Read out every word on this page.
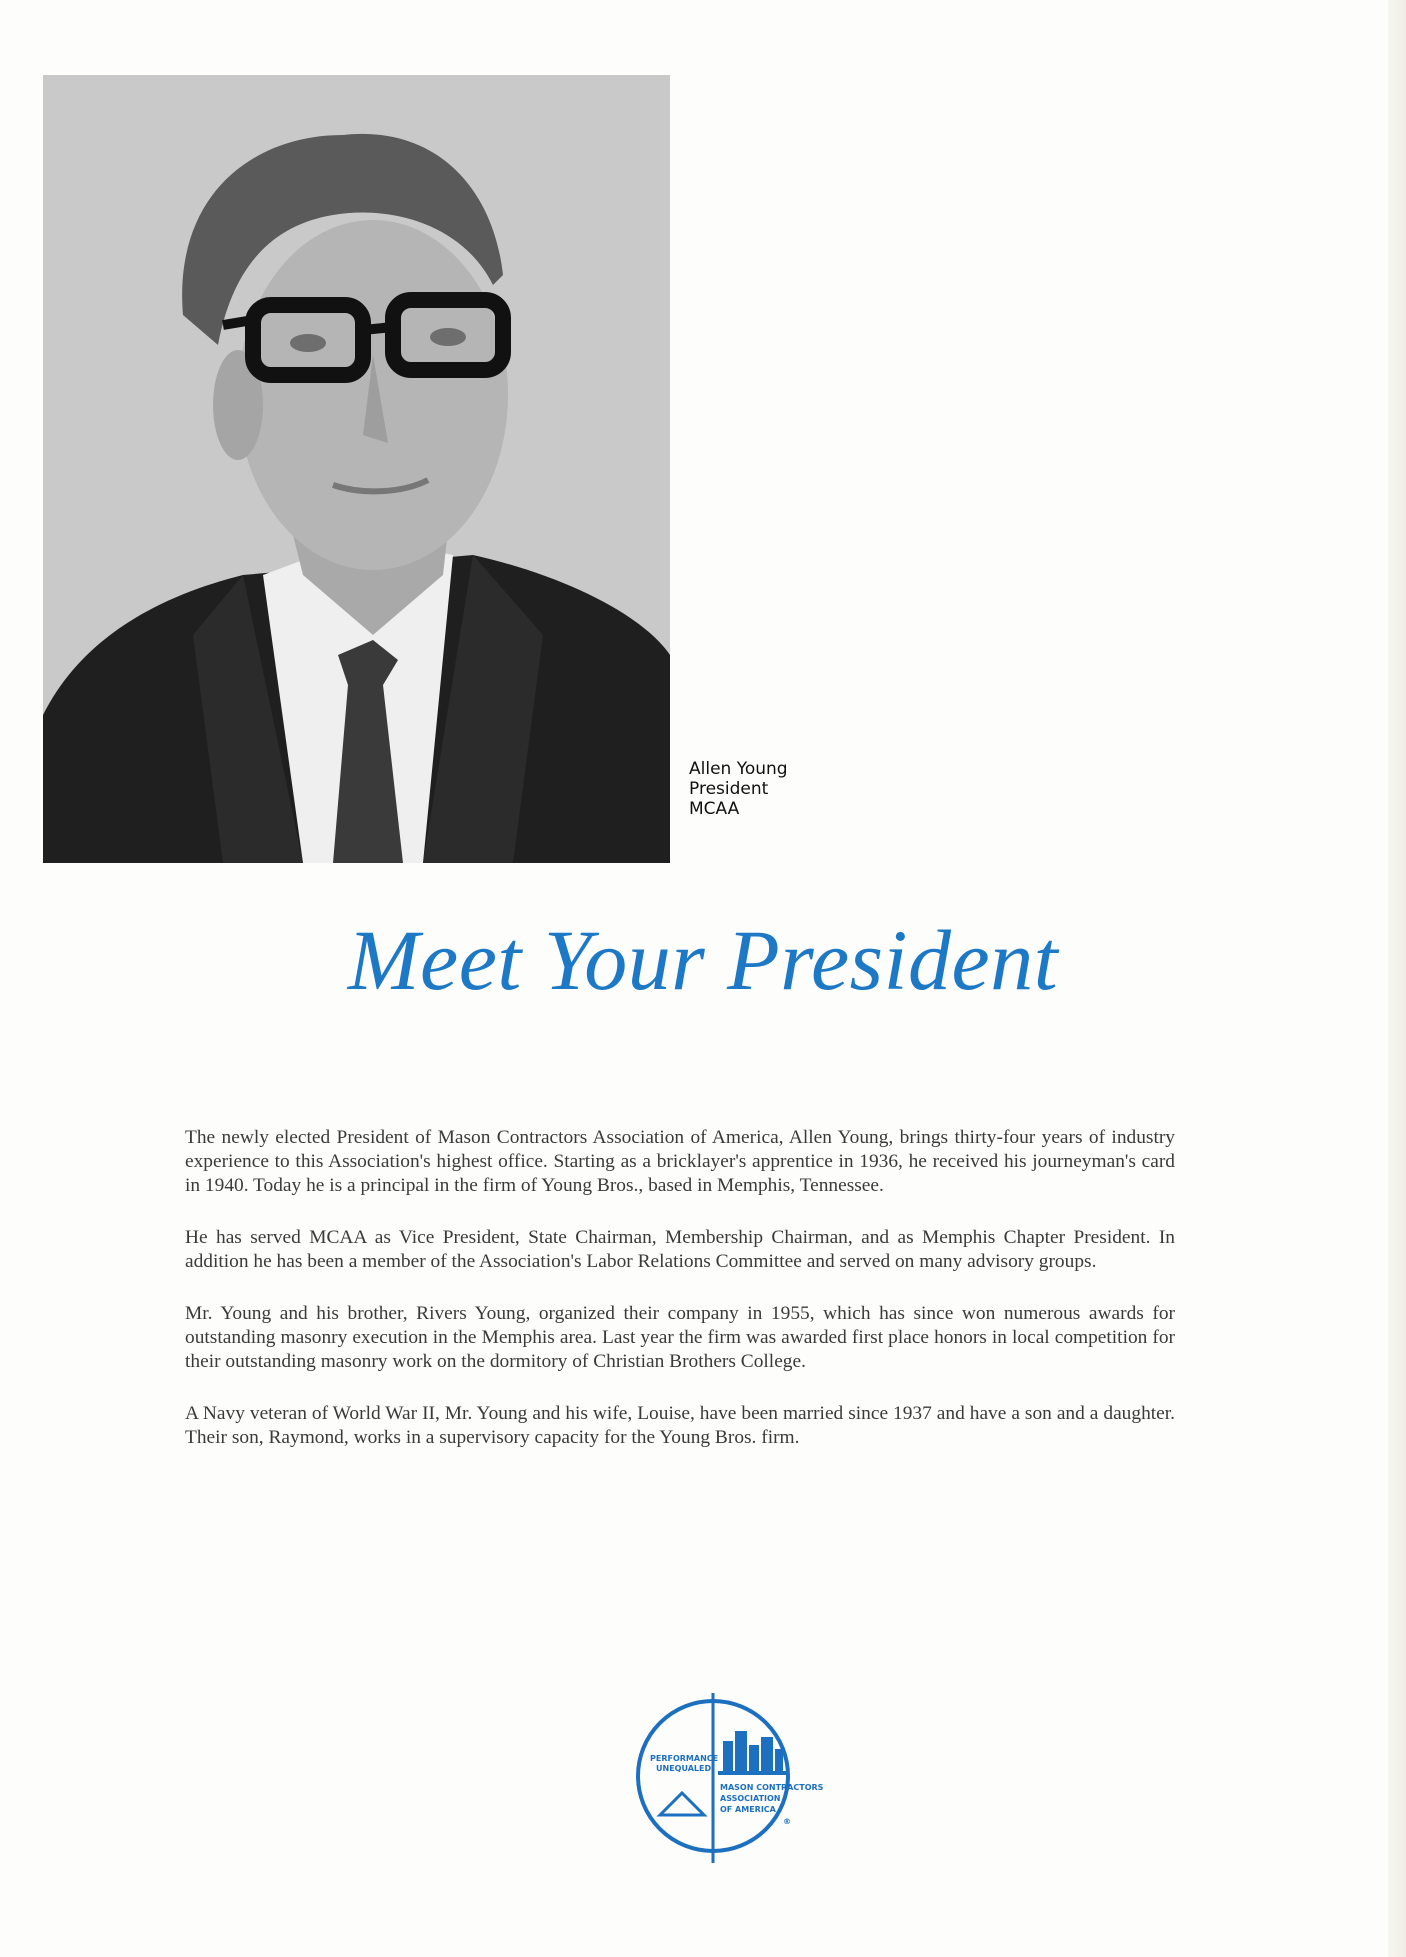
Allen Young
President
MCAA
Meet Your President

The newly elected President of Mason Contractors Association of America, Allen Young, brings thirty-four years of industry experience to this Association's highest office. Starting as a bricklayer's apprentice in 1936, he received his journeyman's card in 1940. Today he is a principal in the firm of Young Bros., based in Memphis, Tennessee.

He has served MCAA as Vice President, State Chairman, Membership Chairman, and as Memphis Chapter President. In addition he has been a member of the Association's Labor Relations Committee and served on many advisory groups.

Mr. Young and his brother, Rivers Young, organized their company in 1955, which has since won numerous awards for outstanding masonry execution in the Memphis area. Last year the firm was awarded first place honors in local competition for their outstanding masonry work on the dormitory of Christian Brothers College.

A Navy veteran of World War II, Mr. Young and his wife, Louise, have been married since 1937 and have a son and a daughter. Their son, Raymond, works in a supervisory capacity for the Young Bros. firm.

PERFORMANCE
UNEQUALED
MASON CONTRACTORS
ASSOCIATION
OF AMERICA
®
